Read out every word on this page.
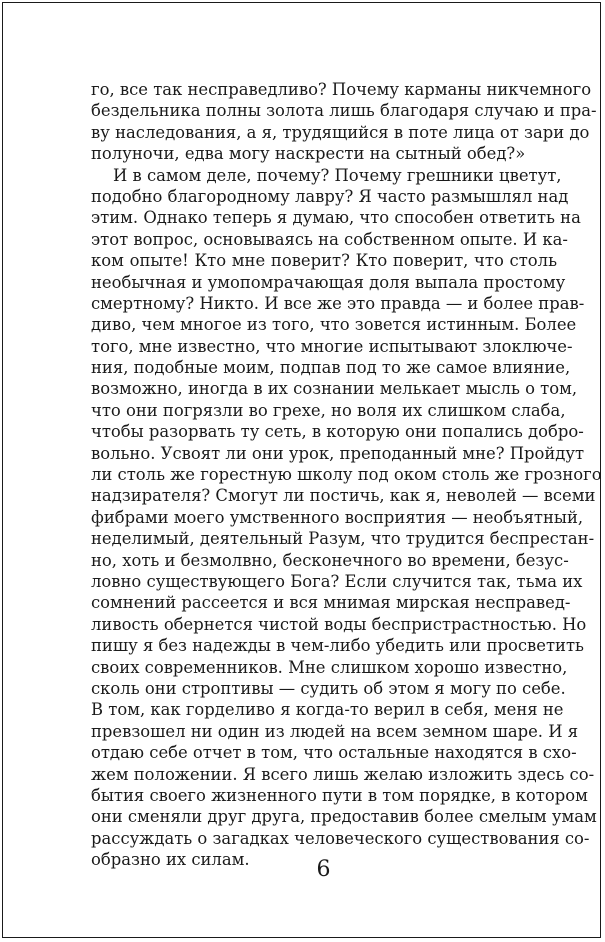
го, все так несправедливо? Почему карманы никчемного
бездельника полны золота лишь благодаря случаю и пра-
ву наследования, а я, трудящийся в поте лица от зари до
полуночи, едва могу наскрести на сытный обед?»
И в самом деле, почему? Почему грешники цветут,
подобно благородному лавру? Я часто размышлял над
этим. Однако теперь я думаю, что способен ответить на
этот вопрос, основываясь на собственном опыте. И ка-
ком опыте! Кто мне поверит? Кто поверит, что столь
необычная и умопомрачающая доля выпала простому
смертному? Никто. И все же это правда — и более прав-
диво, чем многое из того, что зовется истинным. Более
того, мне известно, что многие испытывают злоключе-
ния, подобные моим, подпав под то же самое влияние,
возможно, иногда в их сознании мелькает мысль о том,
что они погрязли во грехе, но воля их слишком слаба,
чтобы разорвать ту сеть, в которую они попались добро-
вольно. Усвоят ли они урок, преподанный мне? Пройдут
ли столь же горестную школу под оком столь же грозного
надзирателя? Смогут ли постичь, как я, неволей — всеми
фибрами моего умственного восприятия — необъятный,
неделимый, деятельный Разум, что трудится беспрестан-
но, хоть и безмолвно, бесконечного во времени, безус-
ловно существующего Бога? Если случится так, тьма их
сомнений рассеется и вся мнимая мирская несправед-
ливость обернется чистой воды беспристрастностью. Но
пишу я без надежды в чем-либо убедить или просветить
своих современников. Мне слишком хорошо известно,
сколь они строптивы — судить об этом я могу по себе.
В том, как горделиво я когда-то верил в себя, меня не
превзошел ни один из людей на всем земном шаре. И я
отдаю себе отчет в том, что остальные находятся в схо-
жем положении. Я всего лишь желаю изложить здесь со-
бытия своего жизненного пути в том порядке, в котором
они сменяли друг друга, предоставив более смелым умам
рассуждать о загадках человеческого существования со-
образно их силам.	6
